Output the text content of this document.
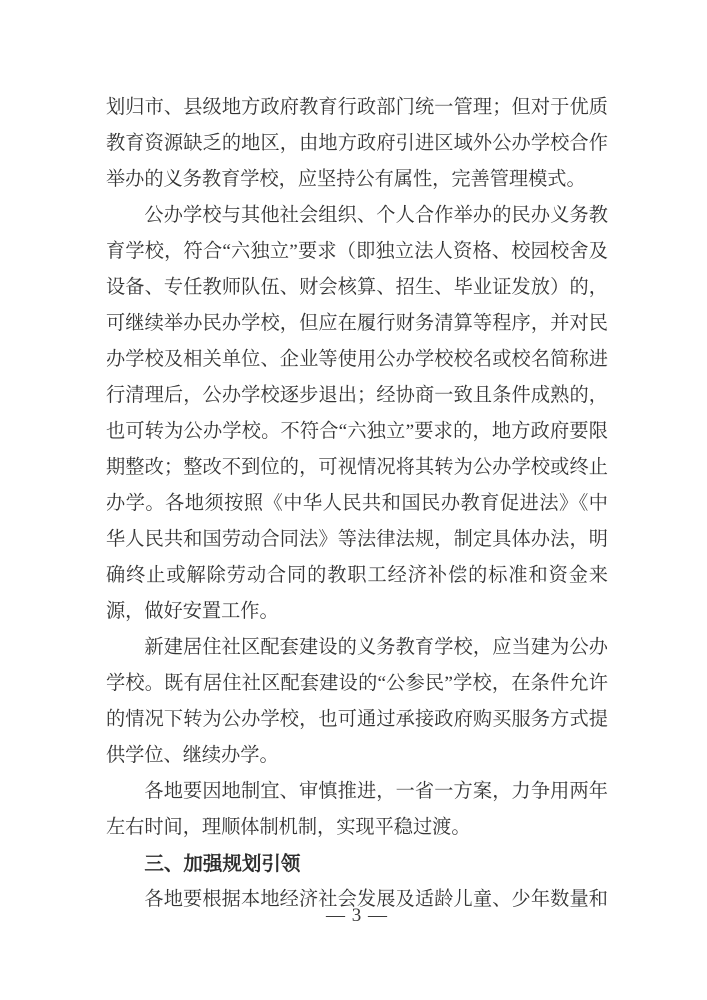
划归市、县级地方政府教育行政部门统一管理；但对于优质
教育资源缺乏的地区，由地方政府引进区域外公办学校合作
举办的义务教育学校，应坚持公有属性，完善管理模式。
公办学校与其他社会组织、个人合作举办的民办义务教
育学校，符合“六独立”要求（即独立法人资格、校园校舍及
设备、专任教师队伍、财会核算、招生、毕业证发放）的，
可继续举办民办学校，但应在履行财务清算等程序，并对民
办学校及相关单位、企业等使用公办学校校名或校名简称进
行清理后，公办学校逐步退出；经协商一致且条件成熟的，
也可转为公办学校。不符合“六独立”要求的，地方政府要限
期整改；整改不到位的，可视情况将其转为公办学校或终止
办学。各地须按照《中华人民共和国民办教育促进法》《中
华人民共和国劳动合同法》等法律法规，制定具体办法，明
确终止或解除劳动合同的教职工经济补偿的标准和资金来
源，做好安置工作。
新建居住社区配套建设的义务教育学校，应当建为公办
学校。既有居住社区配套建设的“公参民”学校，在条件允许
的情况下转为公办学校，也可通过承接政府购买服务方式提
供学位、继续办学。
各地要因地制宜、审慎推进，一省一方案，力争用两年
左右时间，理顺体制机制，实现平稳过渡。
三、加强规划引领
各地要根据本地经济社会发展及适龄儿童、少年数量和
— 3 —
